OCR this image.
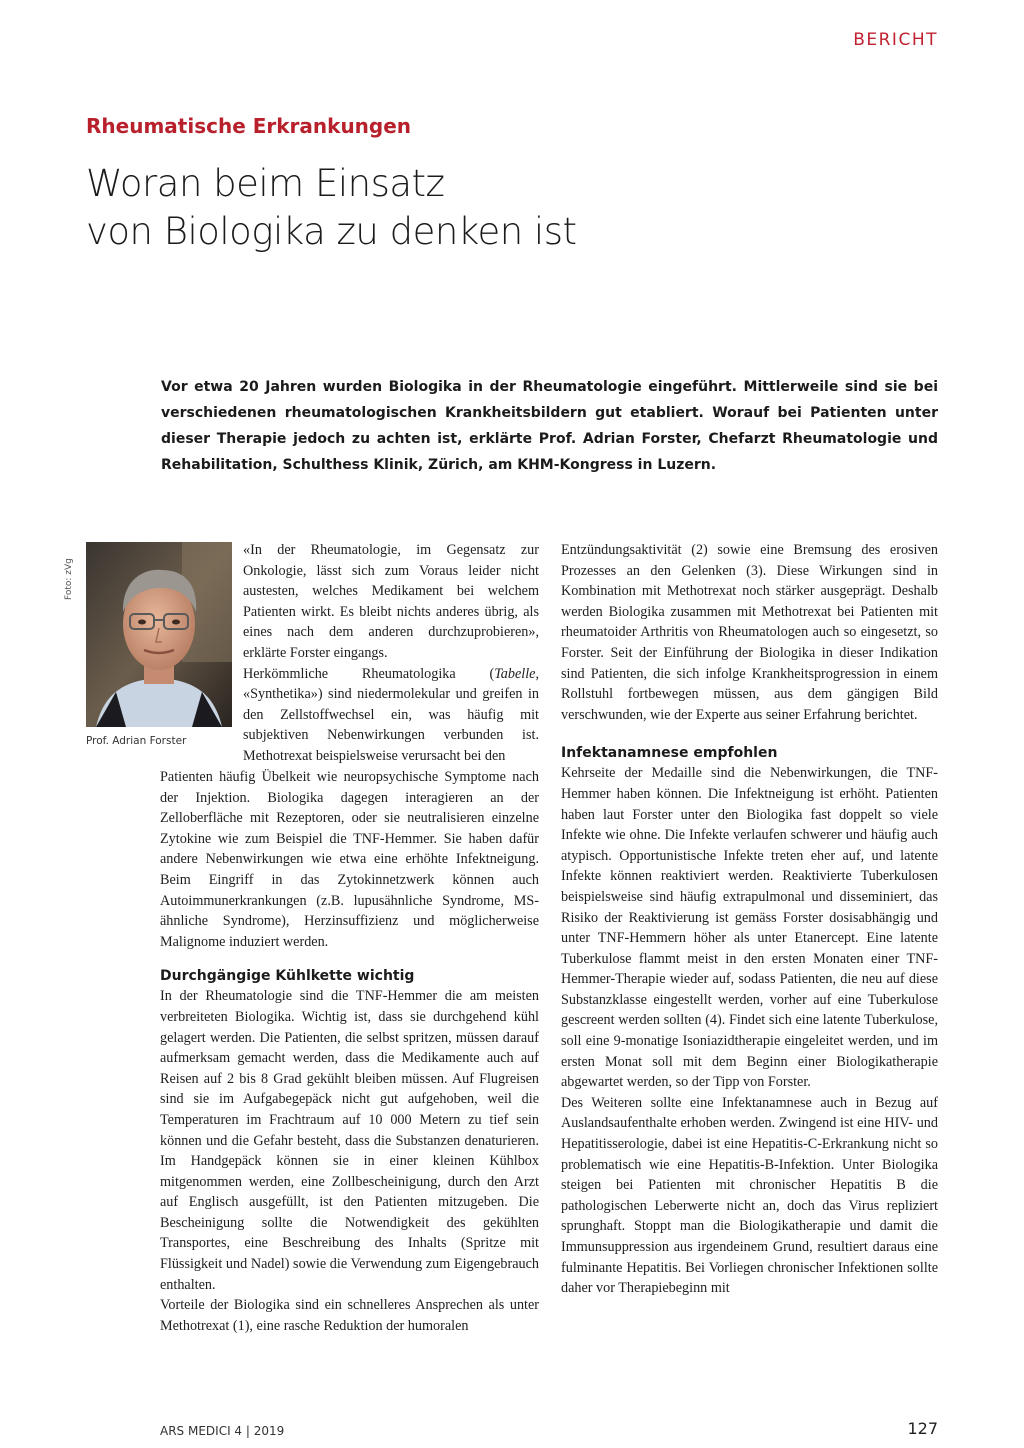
BERICHT
Rheumatische Erkrankungen
Woran beim Einsatz
von Biologika zu denken ist
Vor etwa 20 Jahren wurden Biologika in der Rheumatologie eingeführt. Mittlerweile sind sie bei verschiedenen rheumatologischen Krankheitsbildern gut etabliert. Worauf bei Patienten unter dieser Therapie jedoch zu achten ist, erklärte Prof. Adrian Forster, Chefarzt Rheumatologie und Rehabilitation, Schulthess Klinik, Zürich, am KHM-Kongress in Luzern.
Foto: zVg
Prof. Adrian Forster

«In der Rheumatologie, im Gegensatz zur Onkologie, lässt sich zum Voraus leider nicht austesten, welches Medikament bei welchem Patienten wirkt. Es bleibt nichts anderes übrig, als eines nach dem anderen durchzuprobieren», erklärte Forster eingangs.

Herkömmliche Rheumatologika (Tabelle, «Synthetika») sind niedermolekular und greifen in den Zellstoffwechsel ein, was häufig mit subjektiven Nebenwirkungen verbunden ist. Methotrexat beispielsweise verursacht bei den

Patienten häufig Übelkeit wie neuropsychische Symptome nach der Injektion. Biologika dagegen interagieren an der Zelloberfläche mit Rezeptoren, oder sie neutralisieren einzelne Zytokine wie zum Beispiel die TNF-Hemmer. Sie haben dafür andere Nebenwirkungen wie etwa eine erhöhte Infektneigung. Beim Eingriff in das Zytokinnetzwerk können auch Autoimmunerkrankungen (z.B. lupusähnliche Syndrome, MS-ähnliche Syndrome), Herzinsuffizienz und möglicherweise Malignome induziert werden.

Durchgängige Kühlkette wichtig

In der Rheumatologie sind die TNF-Hemmer die am meisten verbreiteten Biologika. Wichtig ist, dass sie durchgehend kühl gelagert werden. Die Patienten, die selbst spritzen, müssen darauf aufmerksam gemacht werden, dass die Medikamente auch auf Reisen auf 2 bis 8 Grad gekühlt bleiben müssen. Auf Flugreisen sind sie im Aufgabegepäck nicht gut aufgehoben, weil die Temperaturen im Frachtraum auf 10 000 Metern zu tief sein können und die Gefahr besteht, dass die Substanzen denaturieren. Im Handgepäck können sie in einer kleinen Kühlbox mitgenommen werden, eine Zollbescheinigung, durch den Arzt auf Englisch ausgefüllt, ist den Patienten mitzugeben. Die Bescheinigung sollte die Notwendigkeit des gekühlten Transportes, eine Beschreibung des Inhalts (Spritze mit Flüssigkeit und Nadel) sowie die Verwendung zum Eigengebrauch enthalten.

Vorteile der Biologika sind ein schnelleres Ansprechen als unter Methotrexat (1), eine rasche Reduktion der humoralen

Entzündungsaktivität (2) sowie eine Bremsung des erosiven Prozesses an den Gelenken (3). Diese Wirkungen sind in Kombination mit Methotrexat noch stärker ausgeprägt. Deshalb werden Biologika zusammen mit Methotrexat bei Patienten mit rheumatoider Arthritis von Rheumatologen auch so eingesetzt, so Forster. Seit der Einführung der Biologika in dieser Indikation sind Patienten, die sich infolge Krankheitsprogression in einem Rollstuhl fortbewegen müssen, aus dem gängigen Bild verschwunden, wie der Experte aus seiner Erfahrung berichtet.

Infektanamnese empfohlen

Kehrseite der Medaille sind die Nebenwirkungen, die TNF-Hemmer haben können. Die Infektneigung ist erhöht. Patienten haben laut Forster unter den Biologika fast doppelt so viele Infekte wie ohne. Die Infekte verlaufen schwerer und häufig auch atypisch. Opportunistische Infekte treten eher auf, und latente Infekte können reaktiviert werden. Reaktivierte Tuberkulosen beispielsweise sind häufig extrapulmonal und disseminiert, das Risiko der Reaktivierung ist gemäss Forster dosisabhängig und unter TNF-Hemmern höher als unter Etanercept. Eine latente Tuberkulose flammt meist in den ersten Monaten einer TNF-Hemmer-Therapie wieder auf, sodass Patienten, die neu auf diese Substanzklasse eingestellt werden, vorher auf eine Tuberkulose gescreent werden sollten (4). Findet sich eine latente Tuberkulose, soll eine 9-monatige Isoniazidtherapie eingeleitet werden, und im ersten Monat soll mit dem Beginn einer Biologikatherapie abgewartet werden, so der Tipp von Forster.

Des Weiteren sollte eine Infektanamnese auch in Bezug auf Auslandsaufenthalte erhoben werden. Zwingend ist eine HIV- und Hepatitisserologie, dabei ist eine Hepatitis-C-Erkrankung nicht so problematisch wie eine Hepatitis-B-Infektion. Unter Biologika steigen bei Patienten mit chronischer Hepatitis B die pathologischen Leberwerte nicht an, doch das Virus repliziert sprunghaft. Stoppt man die Biologikatherapie und damit die Immunsuppression aus irgendeinem Grund, resultiert daraus eine fulminante Hepatitis. Bei Vorliegen chronischer Infektionen sollte daher vor Therapiebeginn mit

ARS MEDICI 4 | 2019	127
